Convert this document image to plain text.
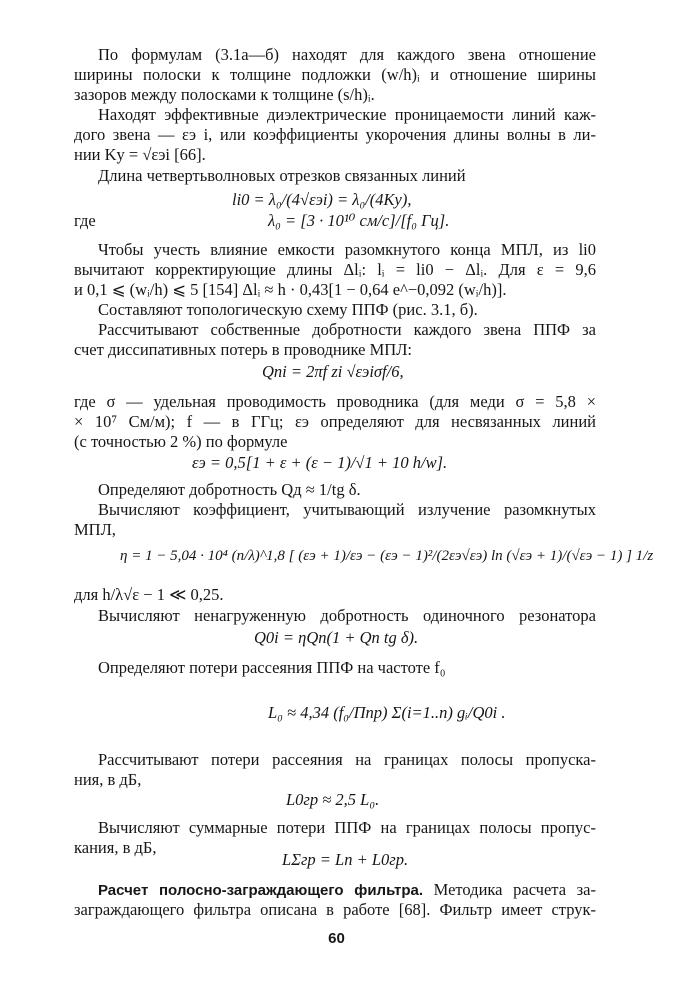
По формулам (3.1а—б) находят для каждого звена отношение
ширины полоски к толщине подложки (w/h)ᵢ и отношение ширины
зазоров между полосками к толщине (s/h)ᵢ.
Находят эффективные диэлектрические проницаемости линий каж-
дого звена — εэ i, или коэффициенты укорочения длины волны в ли-
нии Kу = √εэi [66].
Длина четвертьволновых отрезков связанных линий
li0 = λ₀/(4√εэi) = λ₀/(4Kу),
где	λ₀ = [3 · 10¹⁰ см/с]/[f₀ Гц].
Чтобы учесть влияние емкости разомкнутого конца МПЛ, из li0
вычитают корректирующие длины Δlᵢ: lᵢ = li0 − Δlᵢ. Для ε = 9,6
и 0,1 ⩽ (wᵢ/h) ⩽ 5 [154] Δlᵢ ≈ h · 0,43[1 − 0,64 e^−0,092 (wᵢ/h)].
Составляют топологическую схему ППФ (рис. 3.1, б).
Рассчитывают собственные добротности каждого звена ППФ за
счет диссипативных потерь в проводнике МПЛ:
Qпi = 2πf zi √εэiσf/6,
где σ — удельная проводимость проводника (для меди σ = 5,8 ×
× 10⁷ См/м); f — в ГГц; εэ определяют для несвязанных линий
(с точностью 2 %) по формуле
εэ = 0,5[1 + ε + (ε − 1)/√1 + 10 h/w].
Определяют добротность Qд ≈ 1/tg δ.
Вычисляют коэффициент, учитывающий излучение разомкнутых
МПЛ,
η = 1 − 5,04 · 10⁴ (n/λ)^1,8 [ (εэ + 1)/εэ − (εэ − 1)²/(2εэ√εэ) ln (√εэ + 1)/(√εэ − 1) ] 1/z
для h/λ√ε − 1 ≪ 0,25.
Вычисляют ненагруженную добротность одиночного резонатора
Q0i = ηQп(1 + Qп tg δ).
Определяют потери рассеяния ППФ на частоте f₀
L₀ ≈ 4,34 (f₀/Ппр) Σ(i=1..n) gᵢ/Q0i .
Рассчитывают потери рассеяния на границах полосы пропуска-
ния, в дБ,
L0гр ≈ 2,5 L₀.
Вычисляют суммарные потери ППФ на границах полосы пропус-
кания, в дБ,
LΣгр = Ln + L0гр.
Расчет полосно-заграждающего фильтра. Методика расчета за-
заграждающего фильтра описана в работе [68]. Фильтр имеет струк-
60
